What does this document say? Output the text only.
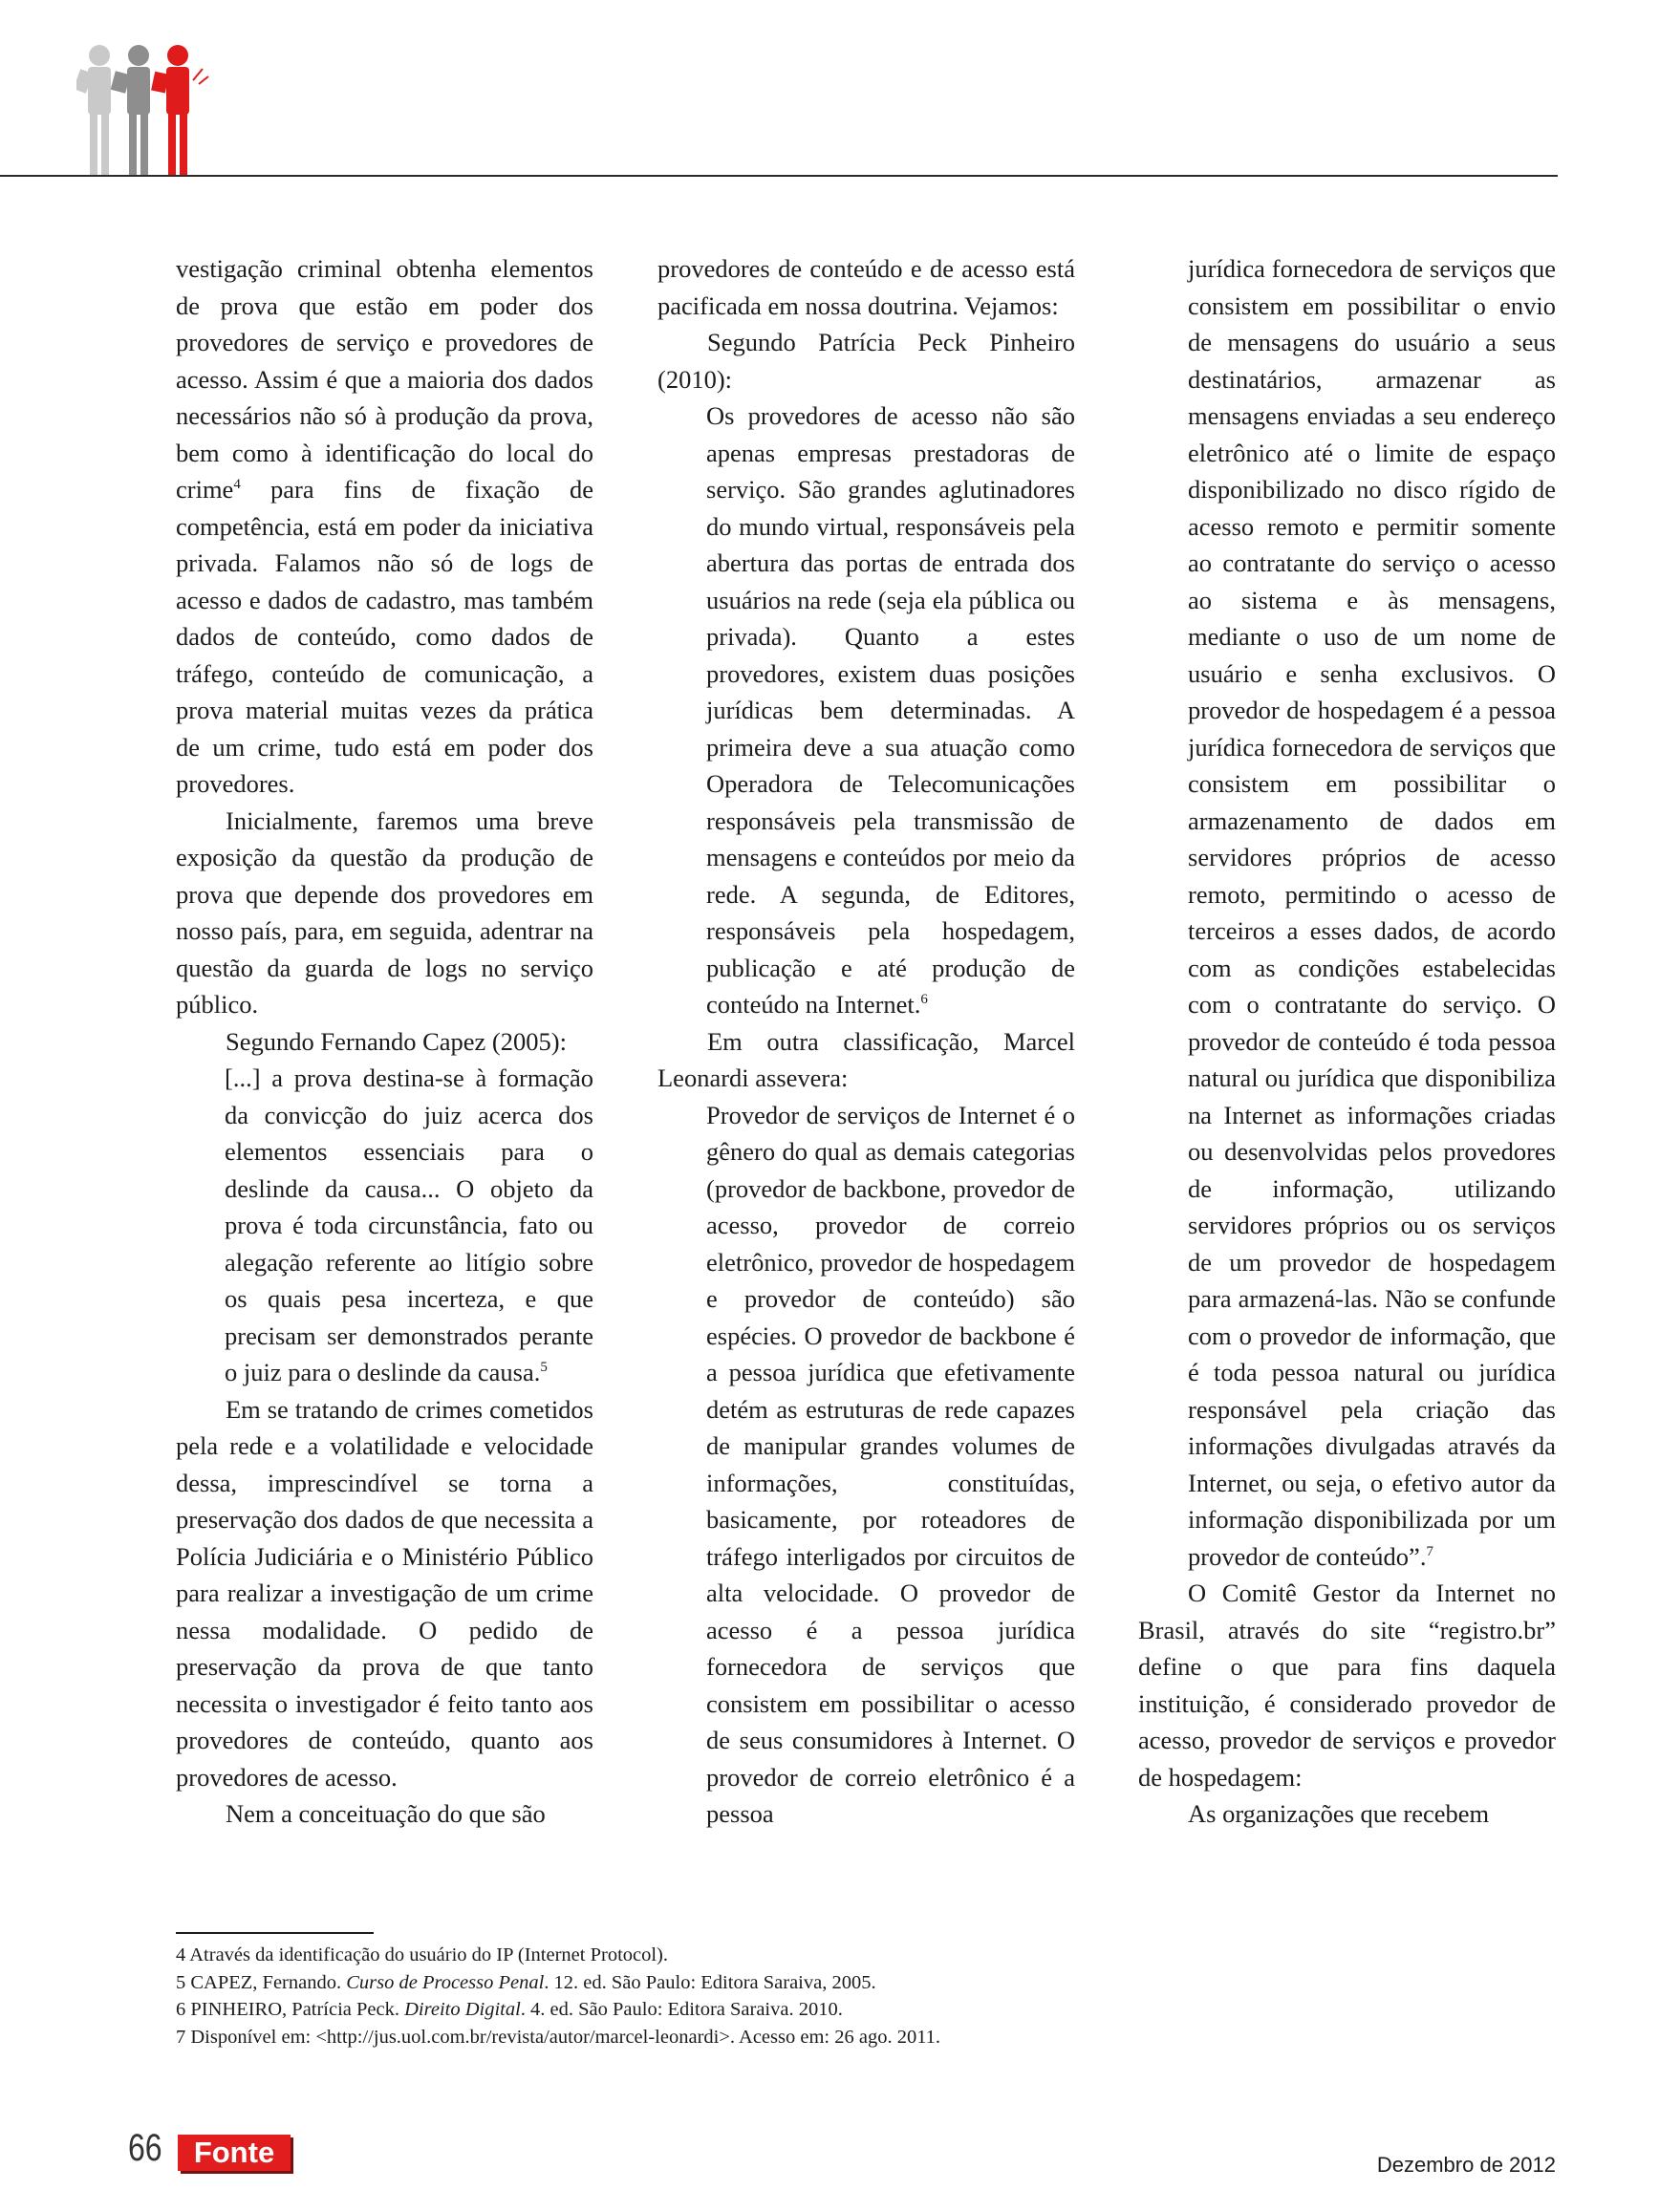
vestigação criminal obtenha elementos de prova que estão em poder dos provedores de serviço e provedores de acesso. Assim é que a maioria dos dados necessários não só à produção da prova, bem como à identificação do local do crime$^4$ para fins de fixação de competência, está em poder da iniciativa privada. Falamos não só de logs de acesso e dados de cadastro, mas também dados de conteúdo, como dados de tráfego, conteúdo de comunicação, a prova material muitas vezes da prática de um crime, tudo está em poder dos provedores.

Inicialmente, faremos uma breve exposição da questão da produção de prova que depende dos provedores em nosso país, para, em seguida, adentrar na questão da guarda de logs no serviço público.

Segundo Fernando Capez (2005):

[...] a prova destina-se à formação da convicção do juiz acerca dos elementos essenciais para o deslinde da causa... O objeto da prova é toda circunstância, fato ou alegação referente ao litígio sobre os quais pesa incerteza, e que precisam ser demonstrados perante o juiz para o deslinde da causa.$^5$

Em se tratando de crimes cometidos pela rede e a volatilidade e velocidade dessa, imprescindível se torna a preservação dos dados de que necessita a Polícia Judiciária e o Ministério Público para realizar a investigação de um crime nessa modalidade. O pedido de preservação da prova de que tanto necessita o investigador é feito tanto aos provedores de conteúdo, quanto aos provedores de acesso.

Nem a conceituação do que são

provedores de conteúdo e de acesso está pacificada em nossa doutrina. Vejamos:

Segundo Patrícia Peck Pinheiro (2010):

Os provedores de acesso não são apenas empresas prestadoras de serviço. São grandes aglutinadores do mundo virtual, responsáveis pela abertura das portas de entrada dos usuários na rede (seja ela pública ou privada). Quanto a estes provedores, existem duas posições jurídicas bem determinadas. A primeira deve a sua atuação como Operadora de Telecomunicações responsáveis pela transmissão de mensagens e conteúdos por meio da rede. A segunda, de Editores, responsáveis pela hospedagem, publicação e até produção de conteúdo na Internet.$^6$

Em outra classificação, Marcel Leonardi assevera:

Provedor de serviços de Internet é o gênero do qual as demais categorias (provedor de backbone, provedor de acesso, provedor de correio eletrônico, provedor de hospedagem e provedor de conteúdo) são espécies. O provedor de backbone é a pessoa jurídica que efetivamente detém as estruturas de rede capazes de manipular grandes volumes de informações, constituídas, basicamente, por roteadores de tráfego interligados por circuitos de alta velocidade. O provedor de acesso é a pessoa jurídica fornecedora de serviços que consistem em possibilitar o acesso de seus consumidores à Internet. O provedor de correio eletrônico é a pessoa

jurídica fornecedora de serviços que consistem em possibilitar o envio de mensagens do usuário a seus destinatários, armazenar as mensagens enviadas a seu endereço eletrônico até o limite de espaço disponibilizado no disco rígido de acesso remoto e permitir somente ao contratante do serviço o acesso ao sistema e às mensagens, mediante o uso de um nome de usuário e senha exclusivos. O provedor de hospedagem é a pessoa jurídica fornecedora de serviços que consistem em possibilitar o armazenamento de dados em servidores próprios de acesso remoto, permitindo o acesso de terceiros a esses dados, de acordo com as condições estabelecidas com o contratante do serviço. O provedor de conteúdo é toda pessoa natural ou jurídica que disponibiliza na Internet as informações criadas ou desenvolvidas pelos provedores de informação, utilizando servidores próprios ou os serviços de um provedor de hospedagem para armazená-las. Não se confunde com o provedor de informação, que é toda pessoa natural ou jurídica responsável pela criação das informações divulgadas através da Internet, ou seja, o efetivo autor da informação disponibilizada por um provedor de conteúdo”.$^7$

O Comitê Gestor da Internet no Brasil, através do site “registro.br” define o que para fins daquela instituição, é considerado provedor de acesso, provedor de serviços e provedor de hospedagem:

As organizações que recebem

4 Através da identificação do usuário do IP (Internet Protocol).
5 CAPEZ, Fernando. Curso de Processo Penal. 12. ed. São Paulo: Editora Saraiva, 2005.
6 PINHEIRO, Patrícia Peck. Direito Digital. 4. ed. São Paulo: Editora Saraiva. 2010.
7 Disponível em: <http://jus.uol.com.br/revista/autor/marcel-leonardi>. Acesso em: 26 ago. 2011.
66	Fonte	Dezembro de 2012
